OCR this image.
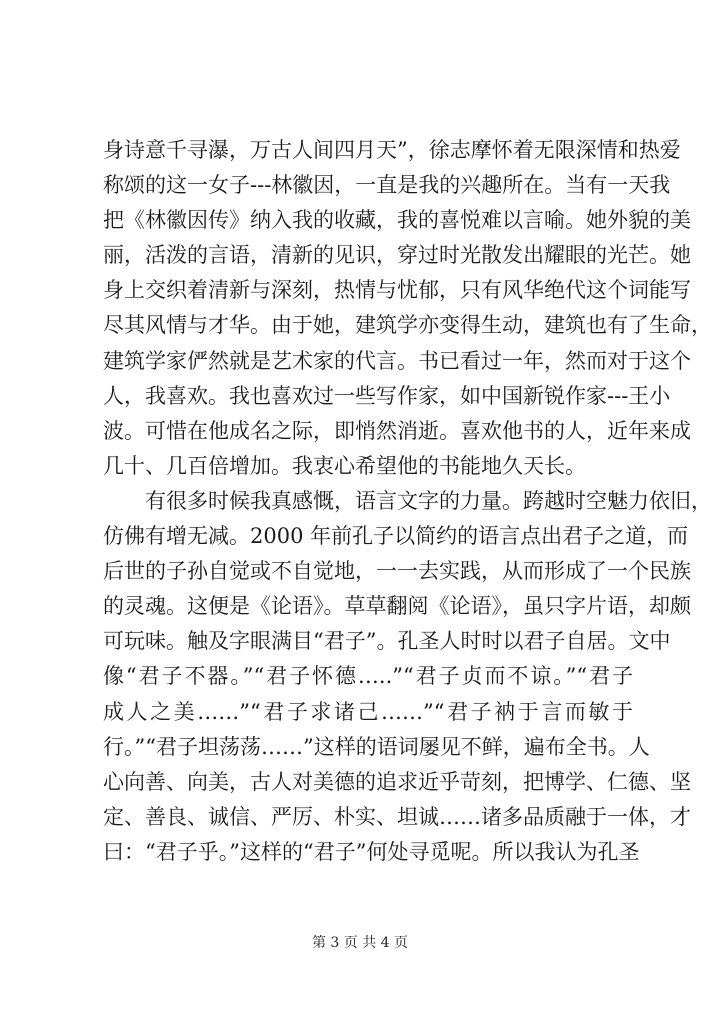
身诗意千寻瀑，万古人间四月天”，徐志摩怀着无限深情和热爱
称颂的这一女子---林徽因，一直是我的兴趣所在。当有一天我
把《林徽因传》纳入我的收藏，我的喜悦难以言喻。她外貌的美
丽，活泼的言语，清新的见识，穿过时光散发出耀眼的光芒。她
身上交织着清新与深刻，热情与忧郁，只有风华绝代这个词能写
尽其风情与才华。由于她，建筑学亦变得生动，建筑也有了生命，
建筑学家俨然就是艺术家的代言。书已看过一年，然而对于这个
人，我喜欢。我也喜欢过一些写作家，如中国新锐作家---王小
波。可惜在他成名之际，即悄然消逝。喜欢他书的人，近年来成
几十、几百倍增加。我衷心希望他的书能地久天长。
　　有很多时候我真感慨，语言文字的力量。跨越时空魅力依旧，
仿佛有增无减。2000 年前孔子以简约的语言点出君子之道，而
后世的子孙自觉或不自觉地，一一去实践，从而形成了一个民族
的灵魂。这便是《论语》。草草翻阅《论语》，虽只字片语，却颇
可玩味。触及字眼满目“君子”。孔圣人时时以君子自居。文中
像“君子不器。”“君子怀德…..”“君子贞而不谅。”“君子
成人之美……”“君子求诸己……”“君子衲于言而敏于
行。”“君子坦荡荡……”这样的语词屡见不鲜，遍布全书。人
心向善、向美，古人对美德的追求近乎苛刻，把博学、仁德、坚
定、善良、诚信、严厉、朴实、坦诚……诸多品质融于一体，才
曰：“君子乎。”这样的“君子”何处寻觅呢。所以我认为孔圣
第 3 页 共 4 页
